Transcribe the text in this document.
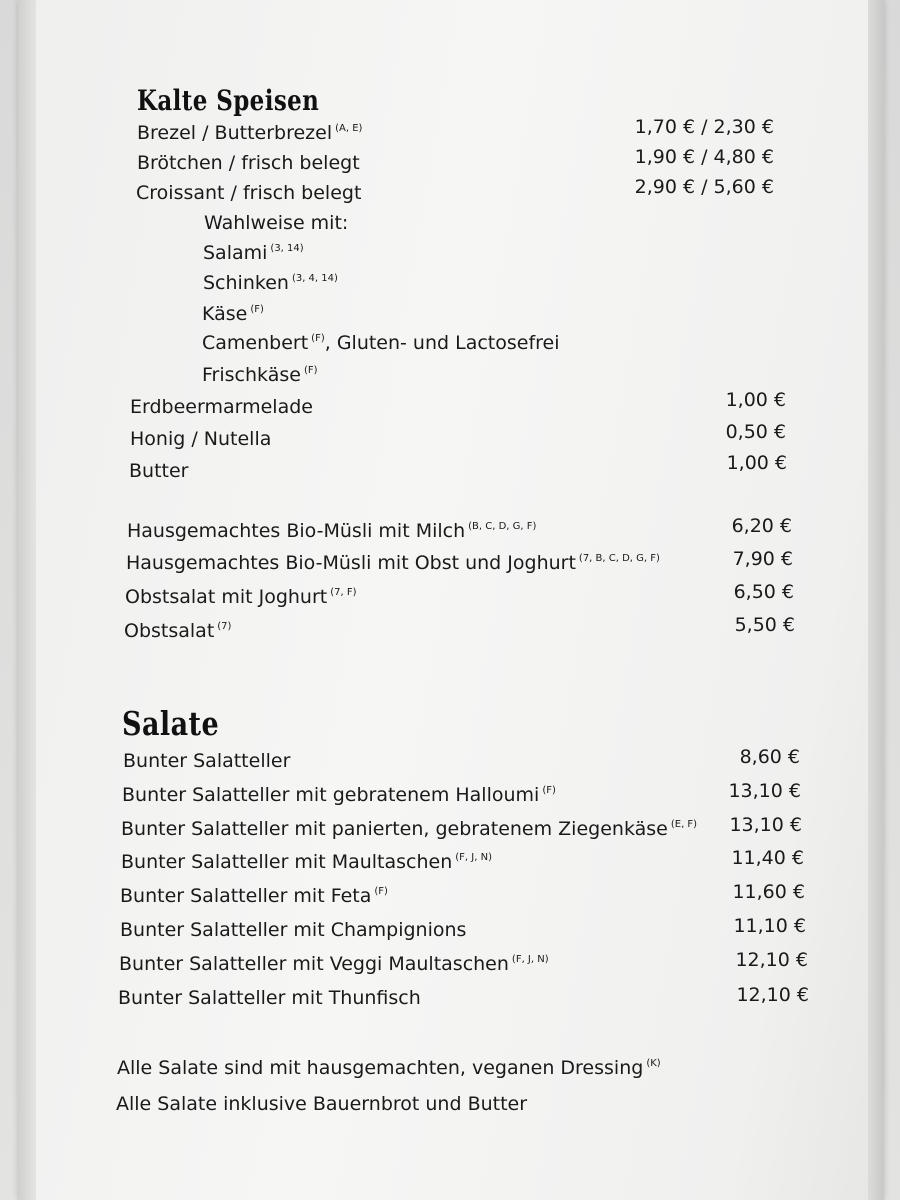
Kalte Speisen
Brezel / Butterbrezel $^{(A, E)}$	1,70 € / 2,30 €
Brötchen / frisch belegt	1,90 € / 4,80 €
Croissant / frisch belegt	2,90 € / 5,60 €
Wahlweise mit:
Salami $^{(3, 14)}$
Schinken $^{(3, 4, 14)}$
Käse $^{(F)}$
Camenbert $^{(F)}$, Gluten- und Lactosefrei
Frischkäse $^{(F)}$
Erdbeermarmelade	1,00 €
Honig / Nutella	0,50 €
Butter	1,00 €
Hausgemachtes Bio-Müsli mit Milch $^{(B, C, D, G, F)}$	6,20 €
Hausgemachtes Bio-Müsli mit Obst und Joghurt $^{(7, B, C, D, G, F)}$	7,90 €
Obstsalat mit Joghurt $^{(7, F)}$	6,50 €
Obstsalat $^{(7)}$	5,50 €
Salate
Bunter Salatteller	8,60 €
Bunter Salatteller mit gebratenem Halloumi $^{(F)}$	13,10 €
Bunter Salatteller mit panierten, gebratenem Ziegenkäse $^{(E, F)}$ 13,10 €
Bunter Salatteller mit Maultaschen $^{(F, J, N)}$	11,40 €
Bunter Salatteller mit Feta $^{(F)}$	11,60 €
Bunter Salatteller mit Champignions	11,10 €
Bunter Salatteller mit Veggi Maultaschen $^{(F, J, N)}$	12,10 €
Bunter Salatteller mit Thunfisch	12,10 €
Alle Salate sind mit hausgemachten, veganen Dressing $^{(K)}$
Alle Salate inklusive Bauernbrot und Butter
